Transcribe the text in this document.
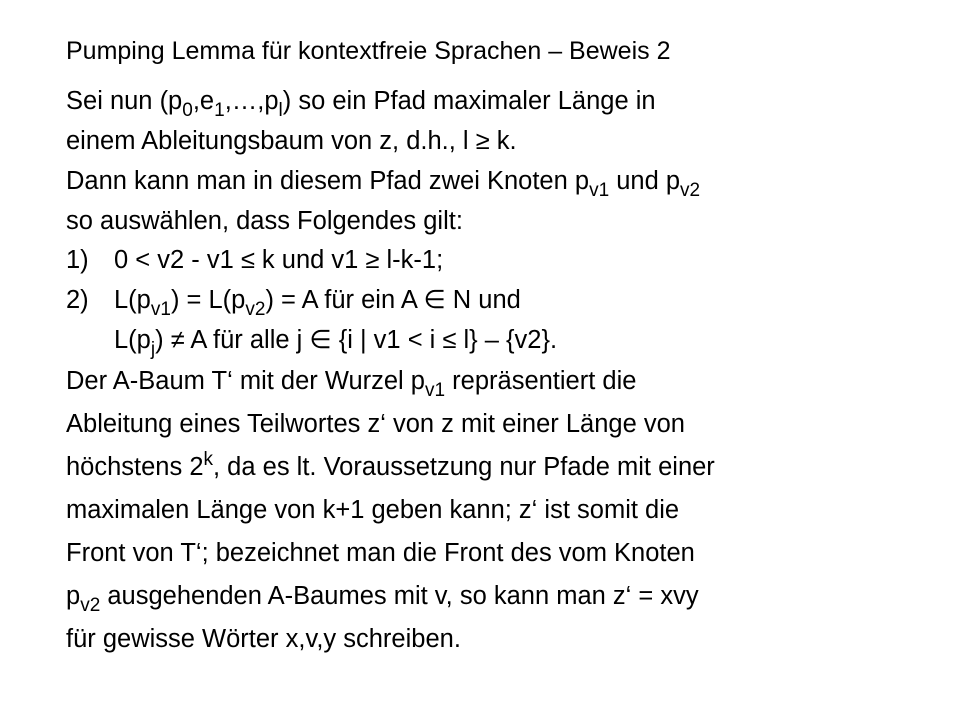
Pumping Lemma für kontextfreie Sprachen – Beweis 2
Sei nun $(p_0,e_1,\dots,p_l)$ so ein Pfad maximaler Länge in
einem Ableitungsbaum von z, d.h., l ≥ k.
Dann kann man in diesem Pfad zwei Knoten $p_{v1}$ und $p_{v2}$
so auswählen, dass Folgendes gilt:
1) 0 < v2 - v1 ≤ k und v1 ≥ l-k-1;
2) $L(p_{v1}) = L(p_{v2}) = A$ für ein A ∈ N und
$L(p_j) \ne A$ für alle j ∈ {i | v1 < i ≤ l} – {v2}.
Der A-Baum T‘ mit der Wurzel $p_{v1}$ repräsentiert die
Ableitung eines Teilwortes z‘ von z mit einer Länge von
höchstens 2$^k$, da es lt. Voraussetzung nur Pfade mit einer
maximalen Länge von k+1 geben kann; z‘ ist somit die
Front von T‘; bezeichnet man die Front des vom Knoten
$p_{v2}$ ausgehenden A-Baumes mit v, so kann man z‘ = xvy
für gewisse Wörter x,v,y schreiben.
